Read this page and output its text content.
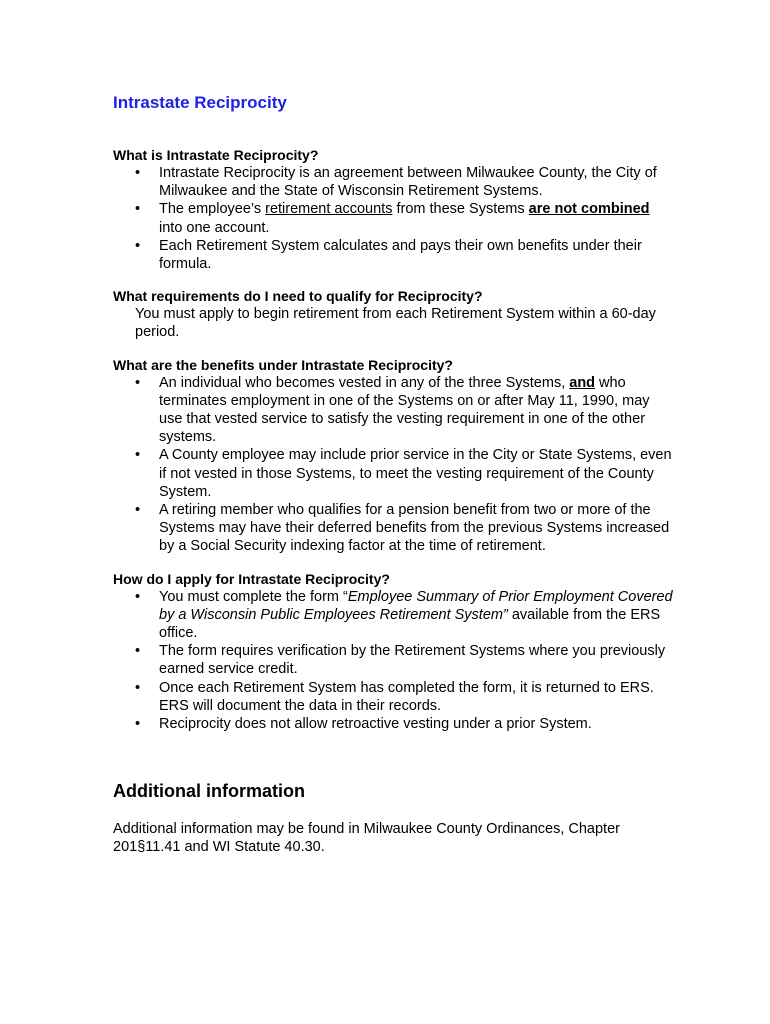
Intrastate Reciprocity

What is Intrastate Reciprocity?

• Intrastate Reciprocity is an agreement between Milwaukee County, the City of Milwaukee and the State of Wisconsin Retirement Systems.
• The employee’s retirement accounts from these Systems are not combined into one account.
• Each Retirement System calculates and pays their own benefits under their formula.

What requirements do I need to qualify for Reciprocity?

You must apply to begin retirement from each Retirement System within a 60-day period.

What are the benefits under Intrastate Reciprocity?

• An individual who becomes vested in any of the three Systems, and who terminates employment in one of the Systems on or after May 11, 1990, may use that vested service to satisfy the vesting requirement in one of the other systems.
• A County employee may include prior service in the City or State Systems, even if not vested in those Systems, to meet the vesting requirement of the County System.
• A retiring member who qualifies for a pension benefit from two or more of the Systems may have their deferred benefits from the previous Systems increased by a Social Security indexing factor at the time of retirement.

How do I apply for Intrastate Reciprocity?

• You must complete the form “Employee Summary of Prior Employment Covered by a Wisconsin Public Employees Retirement System” available from the ERS office.
• The form requires verification by the Retirement Systems where you previously earned service credit.
• Once each Retirement System has completed the form, it is returned to ERS. ERS will document the data in their records.
• Reciprocity does not allow retroactive vesting under a prior System.
Additional information

Additional information may be found in Milwaukee County Ordinances, Chapter 201§11.41 and WI Statute 40.30.
